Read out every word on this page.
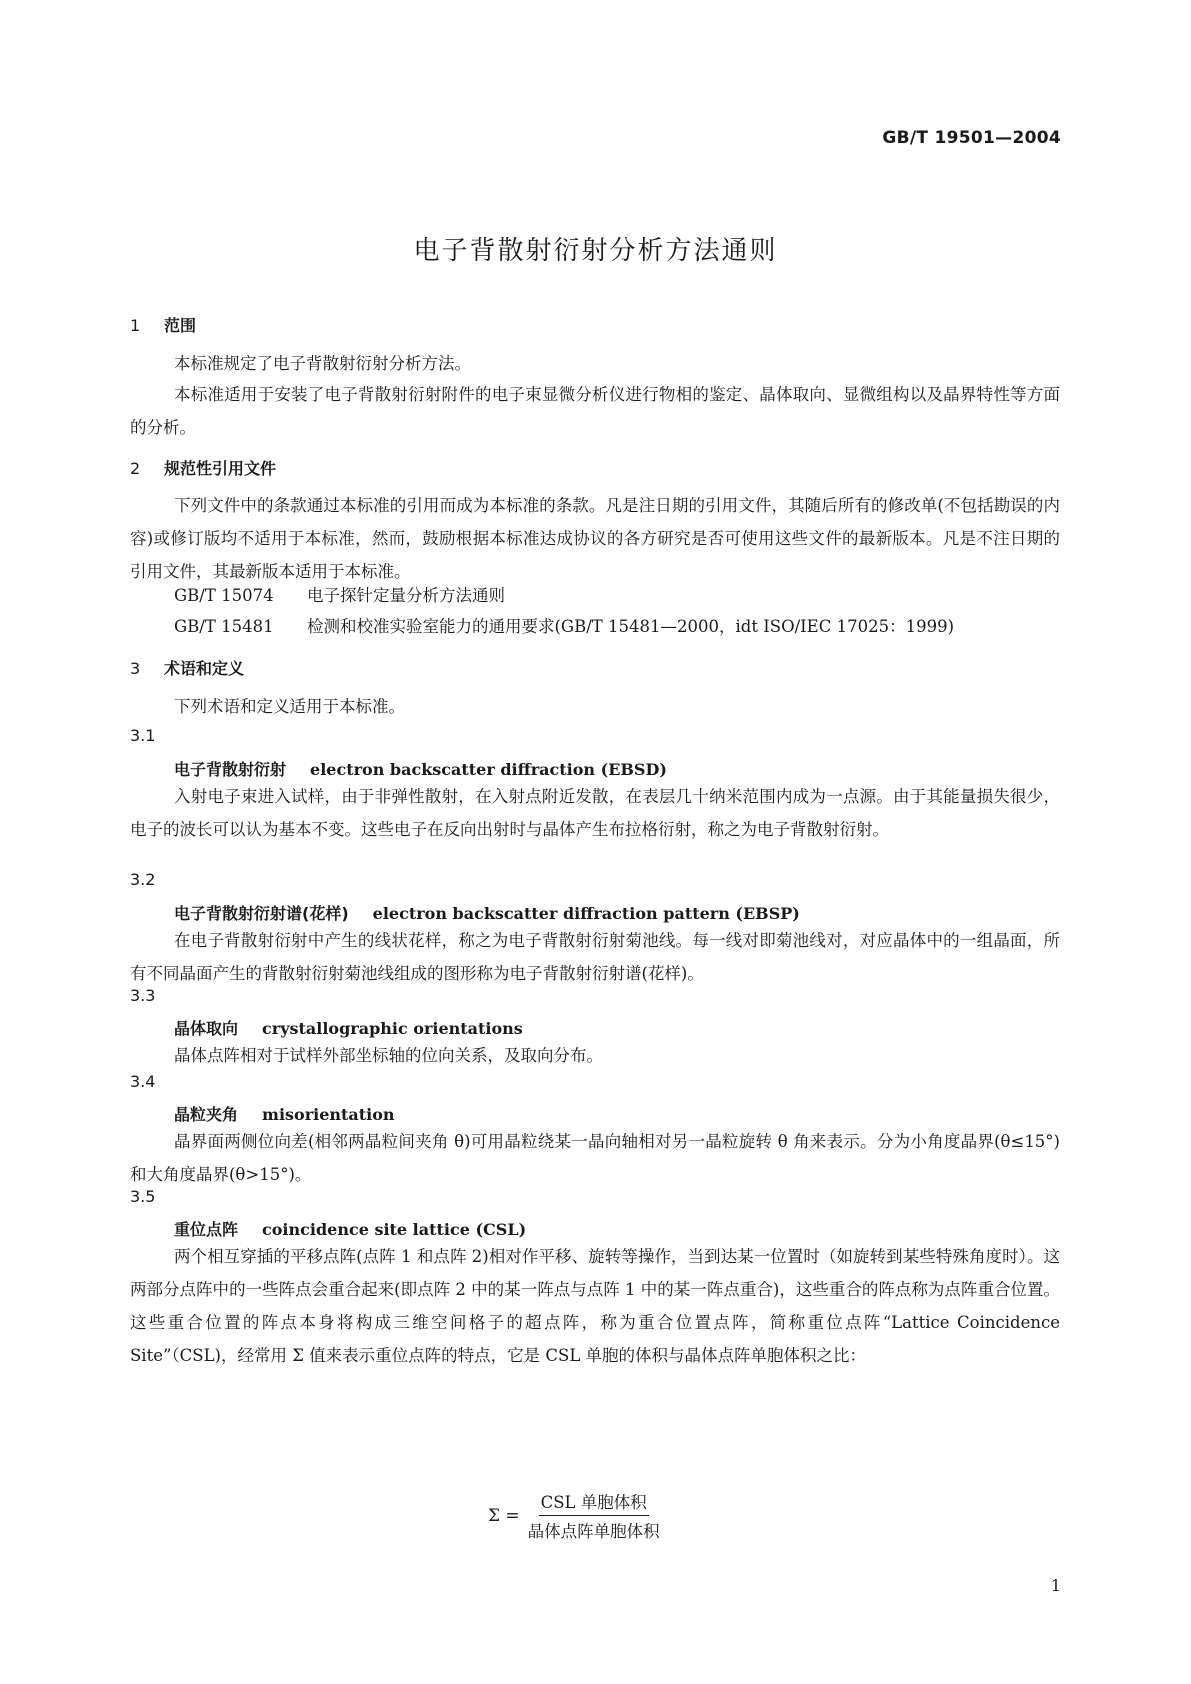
GB/T 19501—2004
电子背散射衍射分析方法通则
1 范围
本标准规定了电子背散射衍射分析方法。
本标准适用于安装了电子背散射衍射附件的电子束显微分析仪进行物相的鉴定、晶体取向、显微组构以及晶界特性等方面的分析。
2 规范性引用文件
下列文件中的条款通过本标准的引用而成为本标准的条款。凡是注日期的引用文件，其随后所有的修改单(不包括勘误的内容)或修订版均不适用于本标准，然而，鼓励根据本标准达成协议的各方研究是否可使用这些文件的最新版本。凡是不注日期的引用文件，其最新版本适用于本标准。
GB/T 15074 电子探针定量分析方法通则
GB/T 15481 检测和校准实验室能力的通用要求(GB/T 15481—2000，idt ISO/IEC 17025：1999)
3 术语和定义
下列术语和定义适用于本标准。
3.1
电子背散射衍射 electron backscatter diffraction (EBSD)
入射电子束进入试样，由于非弹性散射，在入射点附近发散，在表层几十纳米范围内成为一点源。由于其能量损失很少，电子的波长可以认为基本不变。这些电子在反向出射时与晶体产生布拉格衍射，称之为电子背散射衍射。
3.2
电子背散射衍射谱(花样) electron backscatter diffraction pattern (EBSP)
在电子背散射衍射中产生的线状花样，称之为电子背散射衍射菊池线。每一线对即菊池线对，对应晶体中的一组晶面，所有不同晶面产生的背散射衍射菊池线组成的图形称为电子背散射衍射谱(花样)。
3.3
晶体取向 crystallographic orientations
晶体点阵相对于试样外部坐标轴的位向关系，及取向分布。
3.4
晶粒夹角 misorientation
晶界面两侧位向差(相邻两晶粒间夹角 θ)可用晶粒绕某一晶向轴相对另一晶粒旋转 θ 角来表示。分为小角度晶界(θ≤15°)和大角度晶界(θ>15°)。
3.5
重位点阵 coincidence site lattice (CSL)
两个相互穿插的平移点阵(点阵 1 和点阵 2)相对作平移、旋转等操作，当到达某一位置时（如旋转到某些特殊角度时）。这两部分点阵中的一些阵点会重合起来(即点阵 2 中的某一阵点与点阵 1 中的某一阵点重合)，这些重合的阵点称为点阵重合位置。这些重合位置的阵点本身将构成三维空间格子的超点阵，称为重合位置点阵，简称重位点阵“Lattice Coincidence Site”（CSL)，经常用 Σ 值来表示重位点阵的特点，它是 CSL 单胞的体积与晶体点阵单胞体积之比：
$\Sigma = \frac{\text{CSL 单胞体积}}{\text{晶体点阵单胞体积}}$
1
